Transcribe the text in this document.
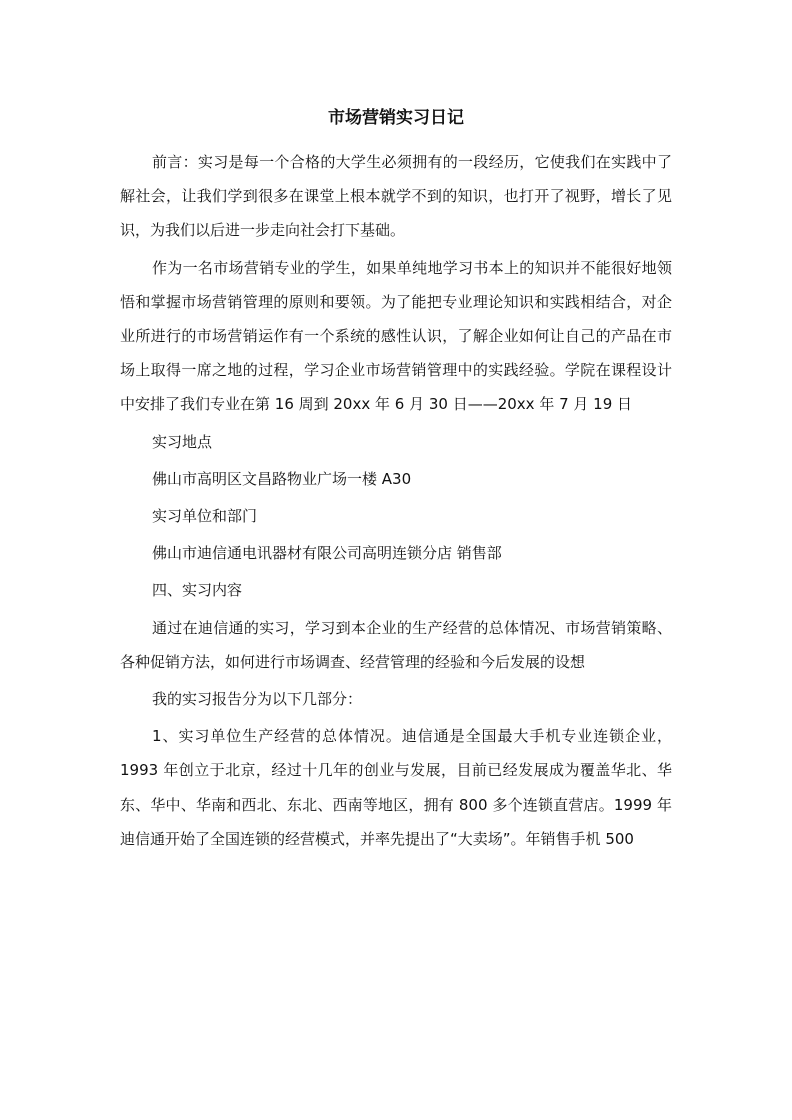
市场营销实习日记

前言：实习是每一个合格的大学生必须拥有的一段经历，它使我们在实践中了解社会，让我们学到很多在课堂上根本就学不到的知识，也打开了视野，增长了见识，为我们以后进一步走向社会打下基础。

作为一名市场营销专业的学生，如果单纯地学习书本上的知识并不能很好地领悟和掌握市场营销管理的原则和要领。为了能把专业理论知识和实践相结合，对企业所进行的市场营销运作有一个系统的感性认识，了解企业如何让自己的产品在市场上取得一席之地的过程，学习企业市场营销管理中的实践经验。学院在课程设计中安排了我们专业在第 16 周到 20xx 年 6 月 30 日——20xx 年 7 月 19 日

实习地点

佛山市高明区文昌路物业广场一楼 A30

实习单位和部门

佛山市迪信通电讯器材有限公司高明连锁分店 销售部

四、实习内容

通过在迪信通的实习，学习到本企业的生产经营的总体情况、市场营销策略、各种促销方法，如何进行市场调查、经营管理的经验和今后发展的设想

我的实习报告分为以下几部分：

1、实习单位生产经营的总体情况。迪信通是全国最大手机专业连锁企业，1993 年创立于北京，经过十几年的创业与发展，目前已经发展成为覆盖华北、华东、华中、华南和西北、东北、西南等地区，拥有 800 多个连锁直营店。1999 年迪信通开始了全国连锁的经营模式，并率先提出了“大卖场”。年销售手机 500
